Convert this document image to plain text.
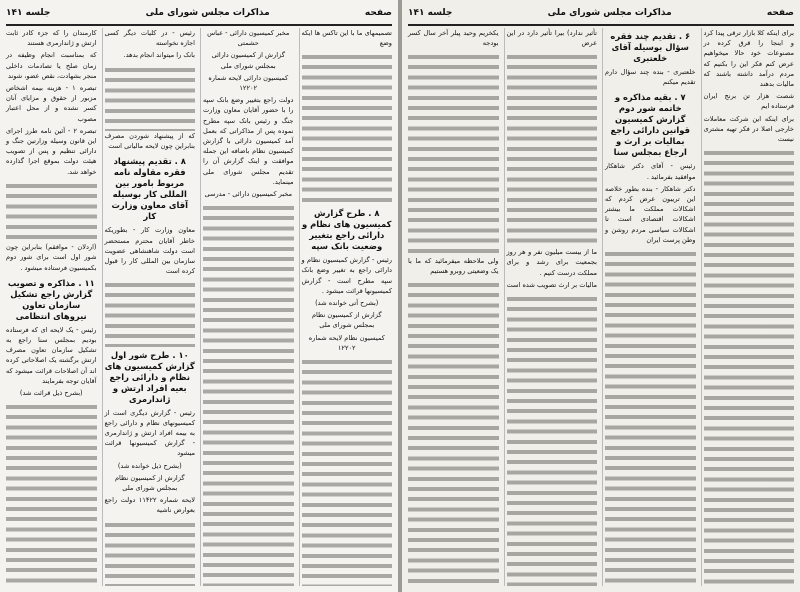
صفحه
مذاکرات مجلس شورای ملی
جلسه ۱۴۱

تصمیمهای ما با این تاکس ها ایکه وضع

۸ . طرح گزارش کمیسیون های نظام و دارائی راجع بتغییر وضعیت بانک سپه

رئیس - گزارش کمیسیون نظام و دارائی راجع به تغییر وضع بانک سپه مطرح است - گزارش کمیسیونها قرائت میشود .

(بشرح آتی خوانده شد)

گزارش از کمیسیون نظام بمجلس شورای ملی

کمیسیون نظام لایحه شماره ۱۲۲۰۲

مخبر کمیسیون دارائی - عباس حشمتی

گزارش از کمیسیون دارائی بمجلس شورای ملی

کمیسیون دارائی لایحه شماره ۱۲۲۰۲

دولت راجع بتغییر وضع بانک سپه را با حضور آقایان معاون وزارت جنگ و رئیس بانک سپه مطرح نموده پس از مذاکراتی که بعمل آمد کمیسیون دارائی با گزارش کمیسیون نظام باضافه این جمله موافقت و اینک گزارش آن را تقدیم مجلس شورای ملی مینماید.

مخبر کمیسیون دارائی - مدرسی

رئیس - در کلیات دیگر کسی اجازه نخواسته

بانک را میتواند انجام بدهد.

که از پیشنهاد شوردن مصرف بنابراین چون لایحه مالیاتی است

۸ . تقدیم پیشنهاد فقره مقاوله نامه مربوط بامور بین المللی کار بوسیله آقای معاون وزارت کار

معاون وزارت کار - بطوریکه خاطر آقایان محترم مستحضر است دولت شاهنشاهی عضویت سازمان بین المللی کار را قبول کرده است

۱۰ . طرح شور اول گزارش کمیسیون های نظام و دارائی راجع بعیه افراد ارتش و ژاندارمری

رئیس - گزارش دیگری است از کمیسیونهای نظام و دارائی راجع به بیمه افراد ارتش و ژاندارمری - گزارش کمیسیونها قرائت میشود

(بشرح ذیل خوانده شد)

گزارش از کمیسیون نظام بمجلس شورای ملی

لایحه شماره ۱۱۴۲۲ دولت راجع بعوارض ناشیه

کارمندان را که جزء کادر ثابت ارتش و ژاندارمری هستند

که بمناسبت انجام وظیفه در زمان صلح یا تصادمات داخلی منجر بشهادت، نقص عضو، شوند

تبصره ۱ - هزینه بیمه اشخاص مزبور از حقوق و مزایای آنان کسر نشده و از محل اعتبار مصوب

تبصره ۲ - آئین نامه طرز اجرای این قانون وسیله وزارتین جنگ و دارائی تنظیم و پس از تصویب هیئت دولت بموقع اجرا گذارده خواهد شد.

(اردلان - موافقم) بنابراین چون شور اول است برای شور دوم بکمیسیون فرستاده میشود .

۱۱ . مذاکره و تصویب گزارش راجع تشکیل سازمان تعاون نیروهای انتظامی

رئیس - یک لایحه ای که فرستاده بودیم بمجلس سنا راجع به تشکیل سازمان تعاون مصرف ارتش برگشته یک اصلاحاتی کرده اند آن اصلاحات قرائت میشود که آقایان توجه بفرمایند

(بشرح ذیل قرائت شد)

صفحه
مذاکرات مجلس شورای ملی
جلسه ۱۴۱

برای اینکه کلا بازار ترقی پیدا کرد و اینجا را قرق کرده در مصنوعات خود حالا میخواهیم عرض کنم فکر این را بکنیم که مردم درآمد داشته باشند که مالیات بدهند

شصت هزار تن برنج ایران فرستاده ایم

برای اینکه این شرکت معاملات خارجی اصلا در فکر تهیه مشتری نیست

۶ . تقدیم چند فقره سؤال بوسیله آقای خلعتبری

خلعتبری - بنده چند سؤال دارم تقدیم میکنم

۷ . بقیه مذاکره و خاتمه شور دوم گزارش کمیسیون قوانین دارائی راجع بمالیات بر ارث و ارجاع بمجلس سنا

رئیس - آقای دکتر شاهکار موافقید بفرمائید .

دکتر شاهکار - بنده بطور خلاصه این تریبون عرض کردم که اشکالات مملکت ما بیشتر اشکالات اقتصادی است تا اشکالات سیاسی مردم روشن و وطن پرست ایران

تأثیر ندارد) بیرا تأثیر دارد در این عرض

ما از بیست میلیون نفر و هر روز بجمعیت برای رشد و برای مملکت درست کنیم .

مالیات بر ارث تصویب شده است

یکخریم وحید پیلر آخر سال کسر بودجه

ولی ملاحظه میفرمائید که ما با یک وضعیتی روبرو هستیم
